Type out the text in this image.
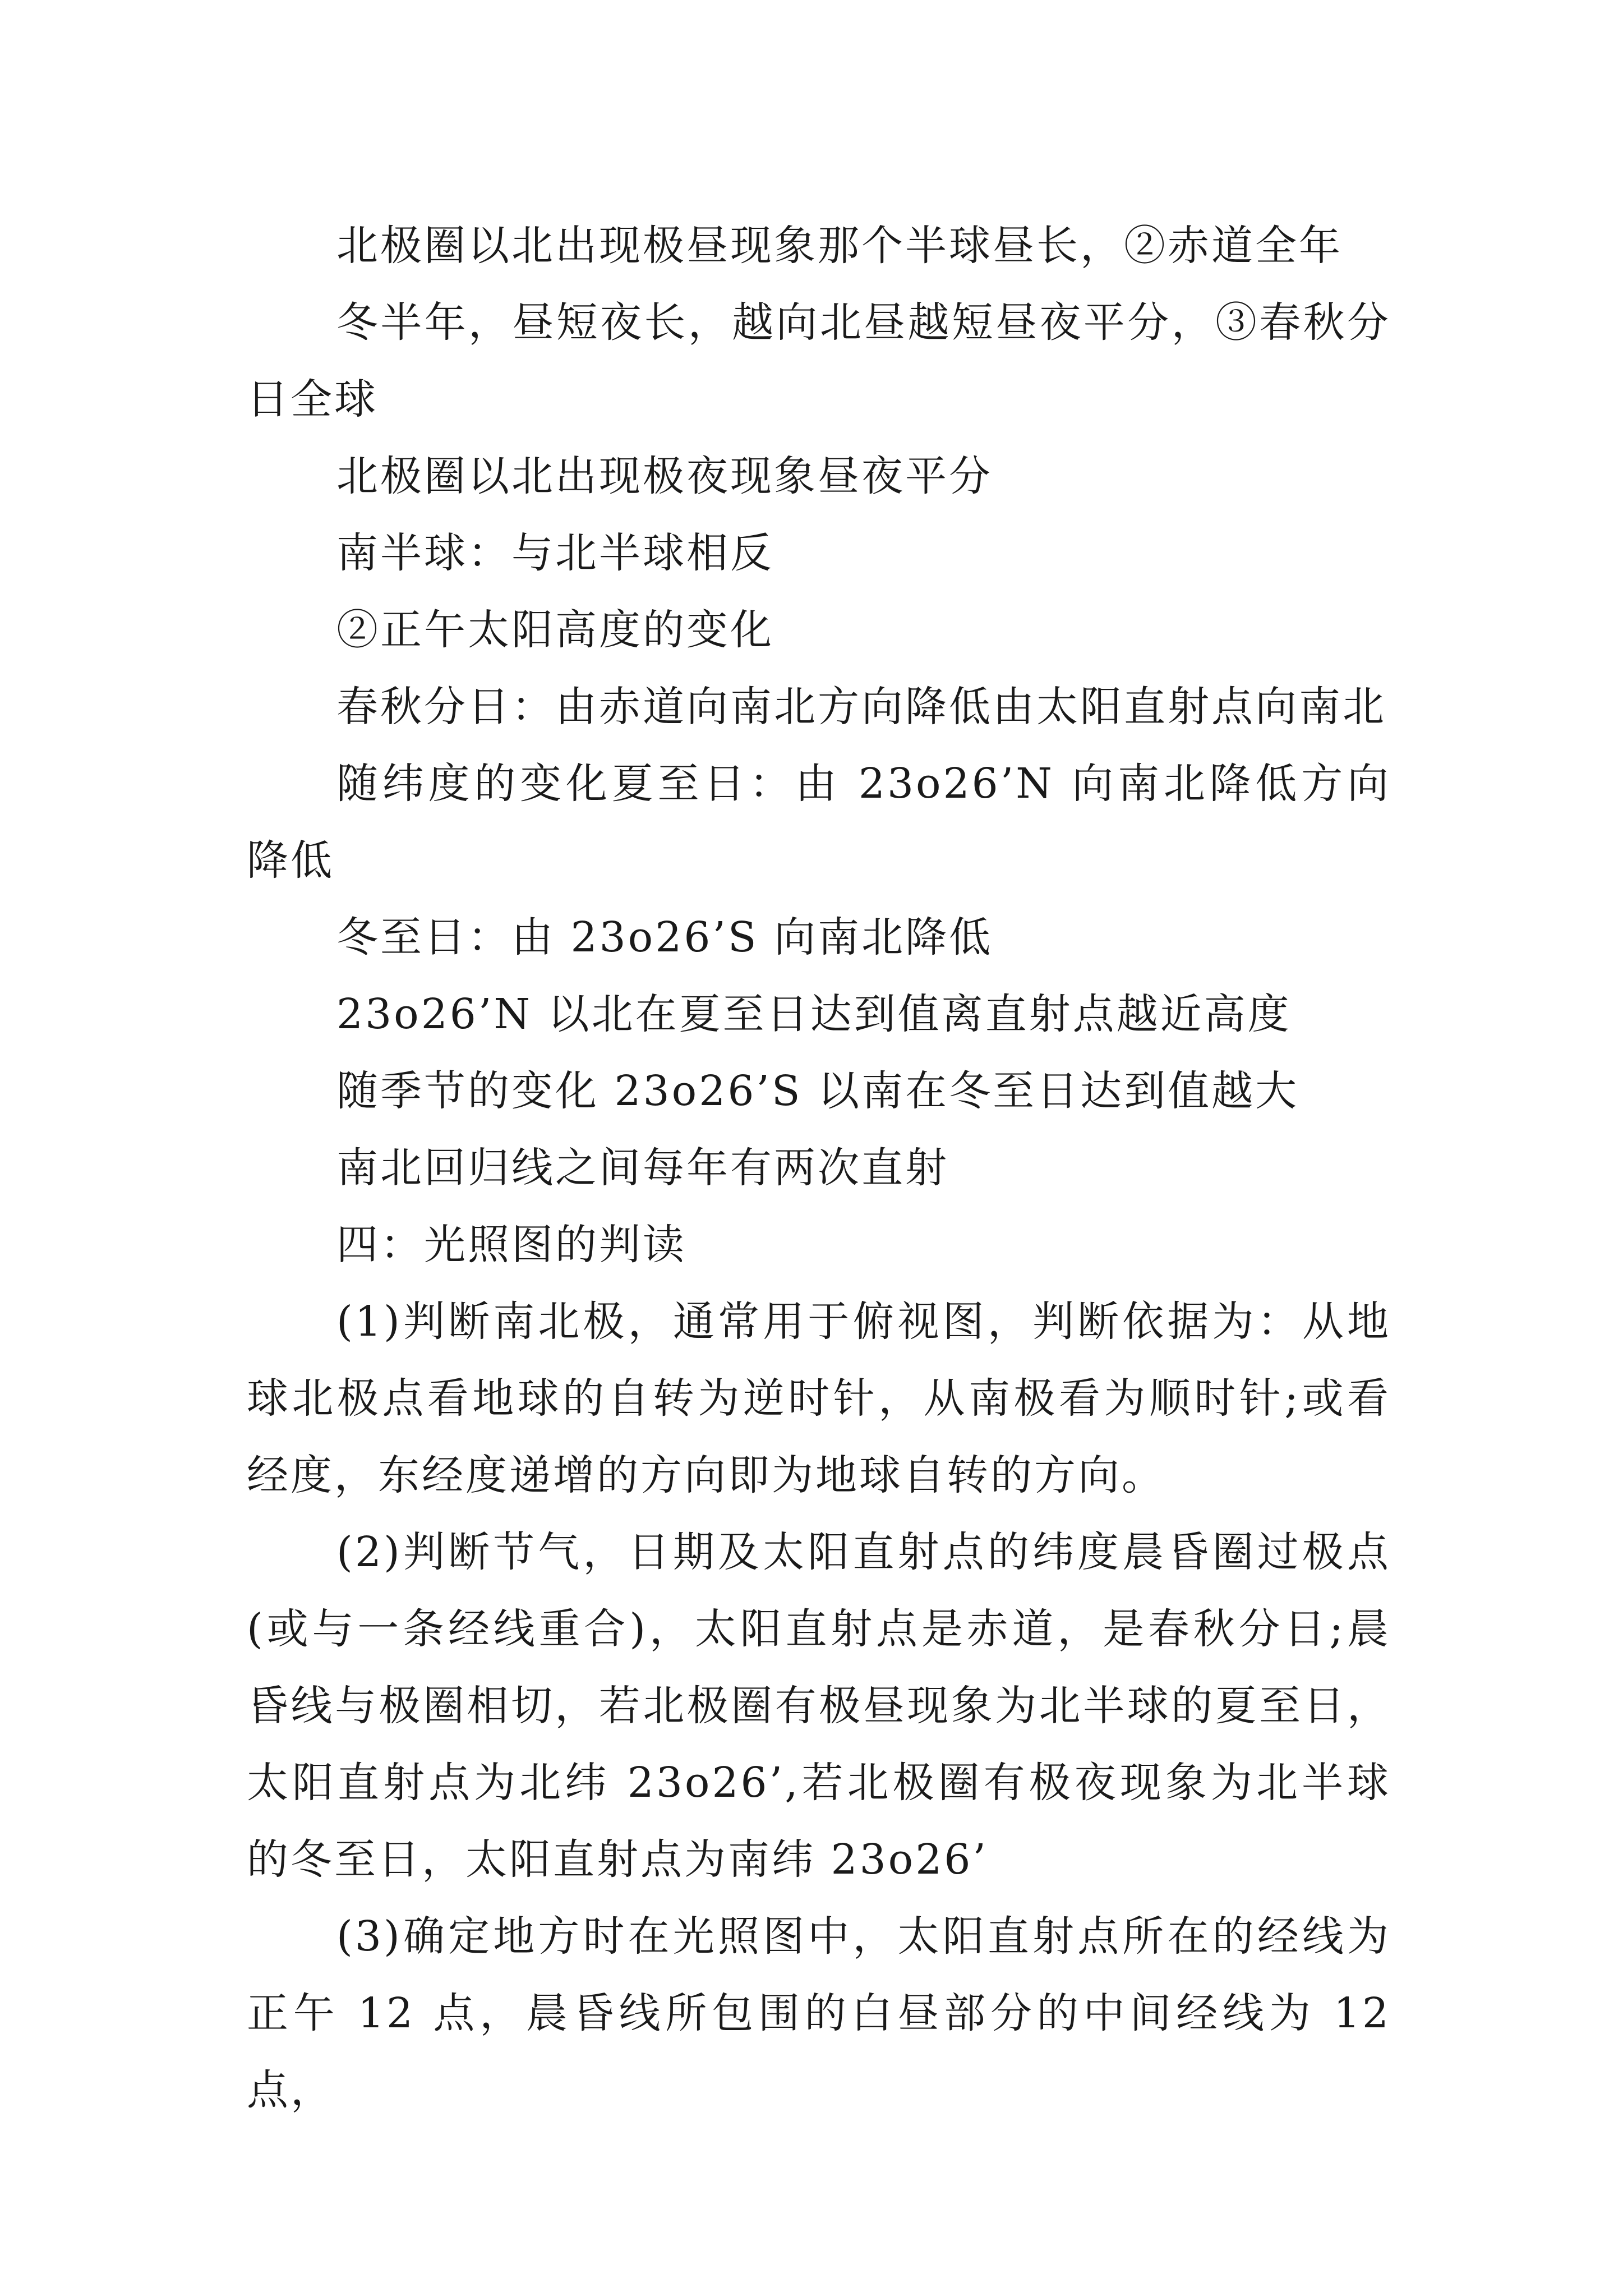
北极圈以北出现极昼现象那个半球昼长，②赤道全年

冬半年，昼短夜长，越向北昼越短昼夜平分，③春秋分日全球

北极圈以北出现极夜现象昼夜平分

南半球：与北半球相反

②正午太阳高度的变化

春秋分日：由赤道向南北方向降低由太阳直射点向南北

随纬度的变化夏至日：由 23o26’N 向南北降低方向降低

冬至日：由 23o26’S 向南北降低

23o26’N 以北在夏至日达到值离直射点越近高度

随季节的变化 23o26’S 以南在冬至日达到值越大

南北回归线之间每年有两次直射

四：光照图的判读

(1)判断南北极，通常用于俯视图，判断依据为：从地球北极点看地球的自转为逆时针，从南极看为顺时针;或看经度，东经度递增的方向即为地球自转的方向。

(2)判断节气，日期及太阳直射点的纬度晨昏圈过极点(或与一条经线重合)，太阳直射点是赤道，是春秋分日;晨昏线与极圈相切，若北极圈有极昼现象为北半球的夏至日，太阳直射点为北纬 23o26’,若北极圈有极夜现象为北半球的冬至日，太阳直射点为南纬 23o26’

(3)确定地方时在光照图中，太阳直射点所在的经线为正午 12 点，晨昏线所包围的白昼部分的中间经线为 12 点，
